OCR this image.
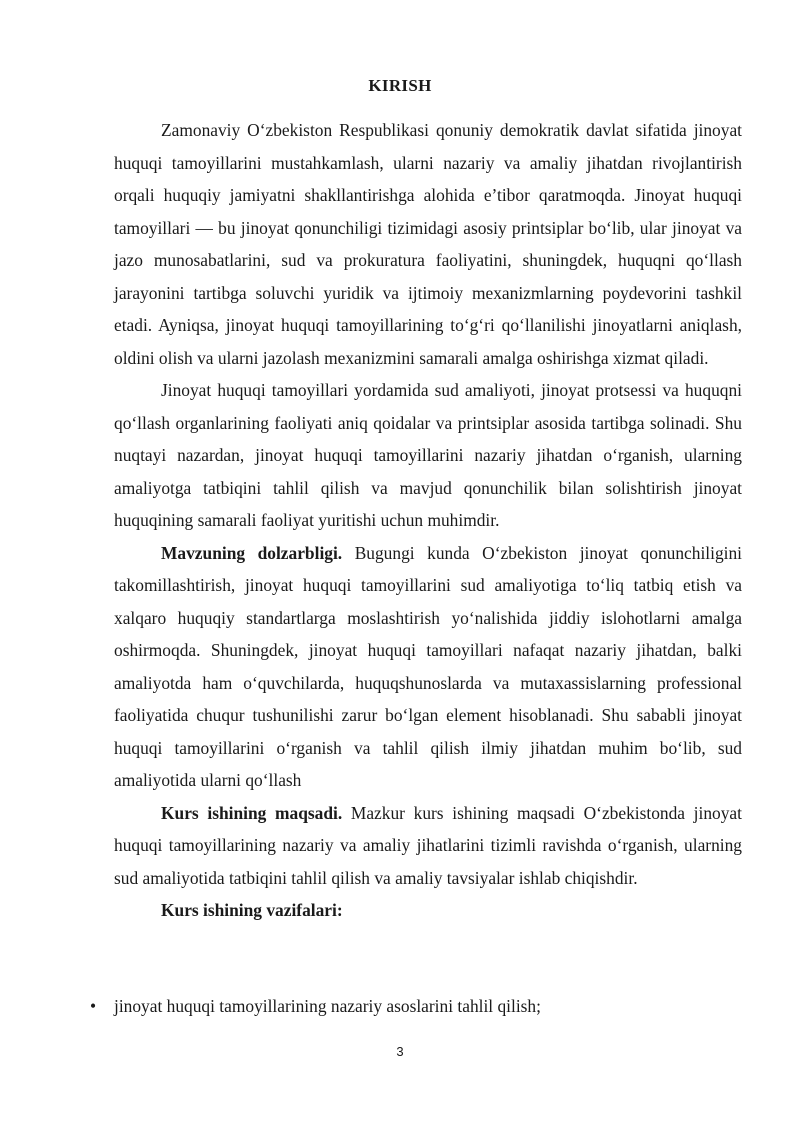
KIRISH

Zamonaviy O‘zbekiston Respublikasi qonuniy demokratik davlat sifatida jinoyat huquqi tamoyillarini mustahkamlash, ularni nazariy va amaliy jihatdan rivojlantirish orqali huquqiy jamiyatni shakllantirishga alohida e’tibor qaratmoqda. Jinoyat huquqi tamoyillari — bu jinoyat qonunchiligi tizimidagi asosiy printsiplar bo‘lib, ular jinoyat va jazo munosabatlarini, sud va prokuratura faoliyatini, shuningdek, huquqni qo‘llash jarayonini tartibga soluvchi yuridik va ijtimoiy mexanizmlarning poydevorini tashkil etadi. Ayniqsa, jinoyat huquqi tamoyillarining to‘g‘ri qo‘llanilishi jinoyatlarni aniqlash, oldini olish va ularni jazolash mexanizmini samarali amalga oshirishga xizmat qiladi.

Jinoyat huquqi tamoyillari yordamida sud amaliyoti, jinoyat protsessi va huquqni qo‘llash organlarining faoliyati aniq qoidalar va printsiplar asosida tartibga solinadi. Shu nuqtayi nazardan, jinoyat huquqi tamoyillarini nazariy jihatdan o‘rganish, ularning amaliyotga tatbiqini tahlil qilish va mavjud qonunchilik bilan solishtirish jinoyat huquqining samarali faoliyat yuritishi uchun muhimdir.

Mavzuning dolzarbligi. Bugungi kunda O‘zbekiston jinoyat qonunchiligini takomillashtirish, jinoyat huquqi tamoyillarini sud amaliyotiga to‘liq tatbiq etish va xalqaro huquqiy standartlarga moslashtirish yo‘nalishida jiddiy islohotlarni amalga oshirmoqda. Shuningdek, jinoyat huquqi tamoyillari nafaqat nazariy jihatdan, balki amaliyotda ham o‘quvchilarda, huquqshunoslarda va mutaxassislarning professional faoliyatida chuqur tushunilishi zarur bo‘lgan element hisoblanadi. Shu sababli jinoyat huquqi tamoyillarini o‘rganish va tahlil qilish ilmiy jihatdan muhim bo‘lib, sud amaliyotida ularni qo‘llash

Kurs ishining maqsadi. Mazkur kurs ishining maqsadi O‘zbekistonda jinoyat huquqi tamoyillarining nazariy va amaliy jihatlarini tizimli ravishda o‘rganish, ularning sud amaliyotida tatbiqini tahlil qilish va amaliy tavsiyalar ishlab chiqishdir.

Kurs ishining vazifalari:

• jinoyat huquqi tamoyillarining nazariy asoslarini tahlil qilish;
3
